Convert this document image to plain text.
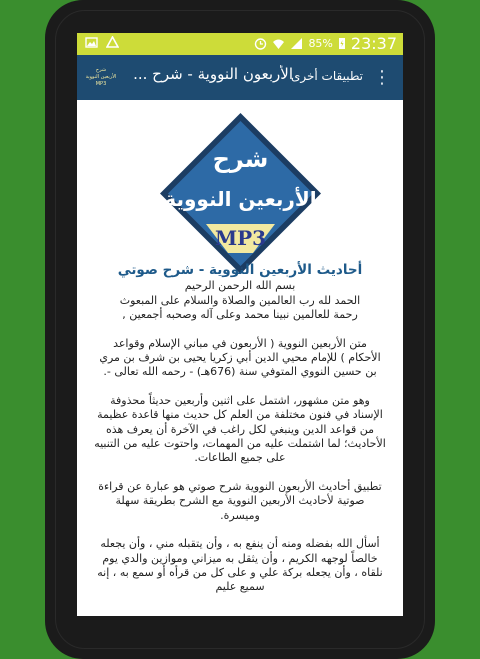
85% 23:37
شرح
الأربعين النووية
MP3
الأربعون النووية - شرح ...
تطبيقات أخرى ⋮
شرح
الأربعين النووية
MP3
أحاديث الأربعين النووية - شرح صوتي

بسم الله الرحمن الرحيم
الحمد لله رب العالمين والصلاة والسلام على المبعوث
رحمة للعالمين نبينا محمد وعلى آله وصحبه أجمعين ,

متن الأربعين النووية ( الأربعون في مباني الإسلام وقواعد
الأحكام ) للإمام محيي الدين أبي زكريا يحيى بن شرف بن مري
بن حسين النووي المتوفي سنة (676هـ) - رحمه الله تعالى -.

وهو متن مشهور، اشتمل على اثنين وأربعين حديثاً محذوفة
الإسناد في فنون مختلفة من العلم كل حديث منها قاعدة عظيمة
من قواعد الدين وينبغي لكل راغب في الآخرة أن يعرف هذه
الأحاديث؛ لما اشتملت عليه من المهمات، واحتوت عليه من التنبيه
على جميع الطاعات.

تطبيق أحاديث الأربعون النووية شرح صوتي هو عبارة عن قراءة
صوتية لأحاديث الأربعين النووية مع الشرح بطريقة سهلة
وميسرة.

أسأل الله بفضله ومنه أن ينفع به ، وأن يتقبله مني ، وأن يجعله
خالصاً لوجهه الكريم ، وأن يثقل به ميزاني وموازين والدي يوم
نلقاه ، وأن يجعله بركة علي و على كل من قرأه أو سمع به ، إنه
سميع عليم
